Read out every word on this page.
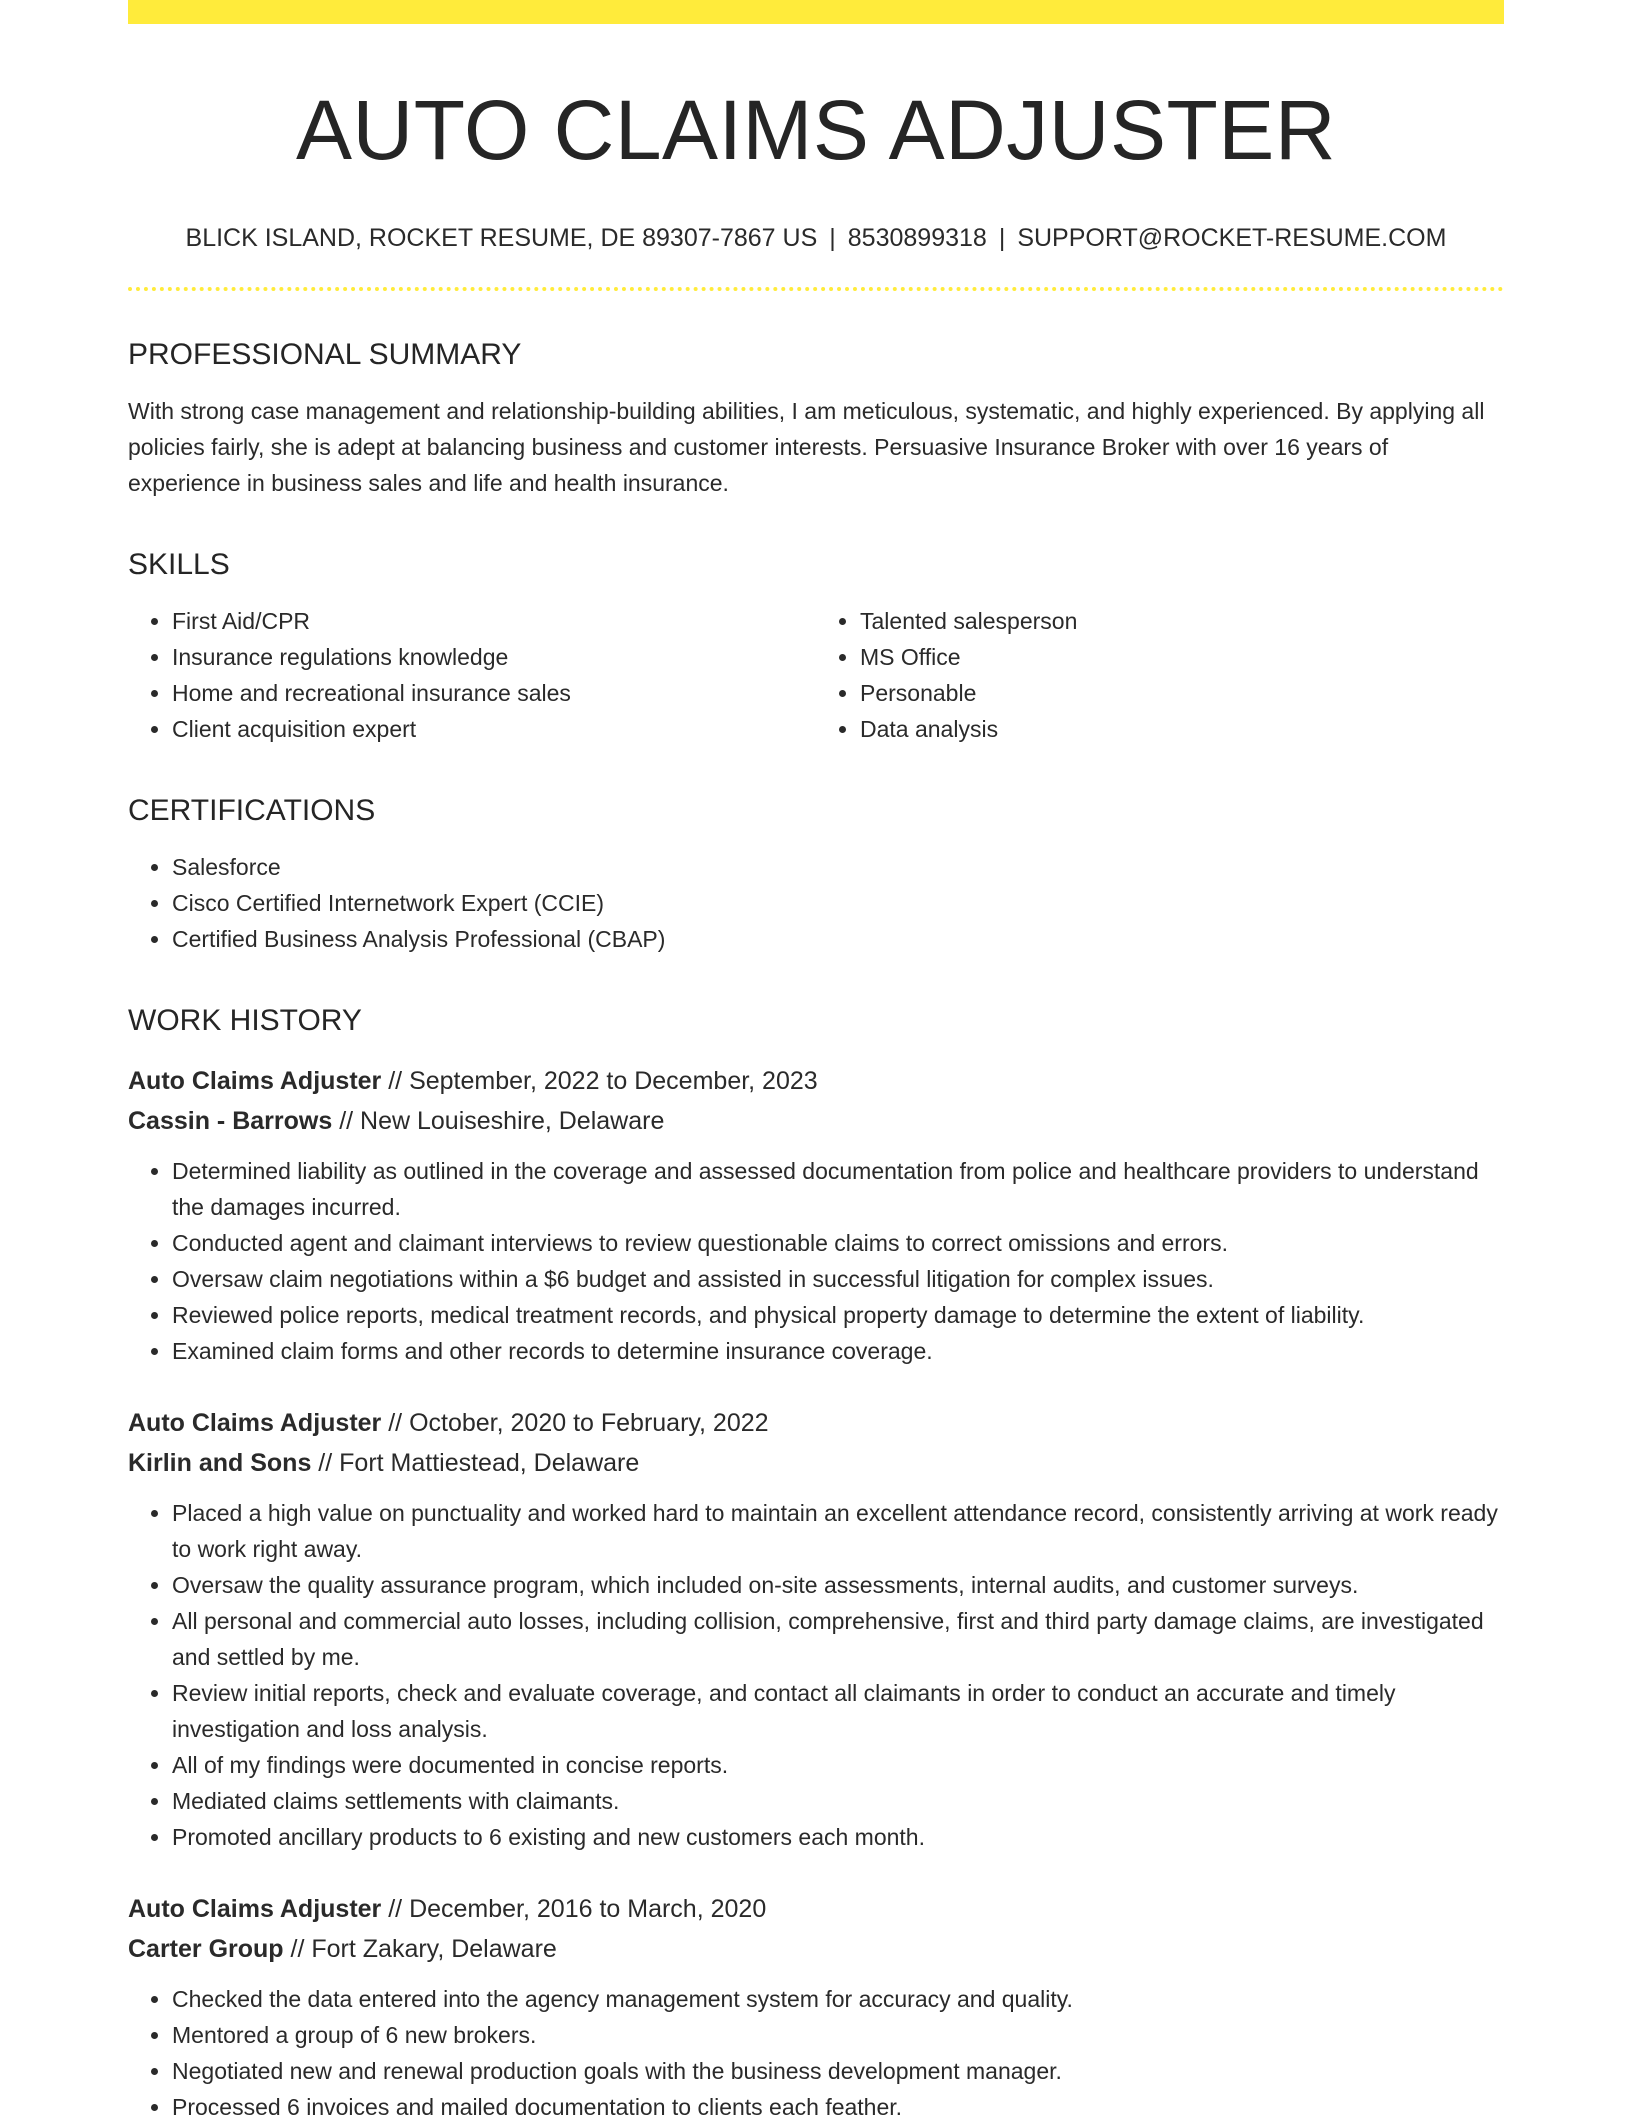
AUTO CLAIMS ADJUSTER
BLICK ISLAND, ROCKET RESUME, DE 89307-7867 US | 8530899318 | SUPPORT@ROCKET-RESUME.COM
PROFESSIONAL SUMMARY

With strong case management and relationship-building abilities, I am meticulous, systematic, and highly experienced. By applying all policies fairly, she is adept at balancing business and customer interests. Persuasive Insurance Broker with over 16 years of experience in business sales and life and health insurance.

SKILLS
• First Aid/CPR
• Insurance regulations knowledge
• Home and recreational insurance sales
• Client acquisition expert
• Talented salesperson
• MS Office
• Personable
• Data analysis
CERTIFICATIONS
• Salesforce
• Cisco Certified Internetwork Expert (CCIE)
• Certified Business Analysis Professional (CBAP)
WORK HISTORY
Auto Claims Adjuster // September, 2022 to December, 2023
Cassin - Barrows // New Louiseshire, Delaware
• Determined liability as outlined in the coverage and assessed documentation from police and healthcare providers to understand the damages incurred.
• Conducted agent and claimant interviews to review questionable claims to correct omissions and errors.
• Oversaw claim negotiations within a $6 budget and assisted in successful litigation for complex issues.
• Reviewed police reports, medical treatment records, and physical property damage to determine the extent of liability.
• Examined claim forms and other records to determine insurance coverage.
Auto Claims Adjuster // October, 2020 to February, 2022
Kirlin and Sons // Fort Mattiestead, Delaware
• Placed a high value on punctuality and worked hard to maintain an excellent attendance record, consistently arriving at work ready to work right away.
• Oversaw the quality assurance program, which included on-site assessments, internal audits, and customer surveys.
• All personal and commercial auto losses, including collision, comprehensive, first and third party damage claims, are investigated and settled by me.
• Review initial reports, check and evaluate coverage, and contact all claimants in order to conduct an accurate and timely investigation and loss analysis.
• All of my findings were documented in concise reports.
• Mediated claims settlements with claimants.
• Promoted ancillary products to 6 existing and new customers each month.
Auto Claims Adjuster // December, 2016 to March, 2020
Carter Group // Fort Zakary, Delaware
• Checked the data entered into the agency management system for accuracy and quality.
• Mentored a group of 6 new brokers.
• Negotiated new and renewal production goals with the business development manager.
• Processed 6 invoices and mailed documentation to clients each feather.
